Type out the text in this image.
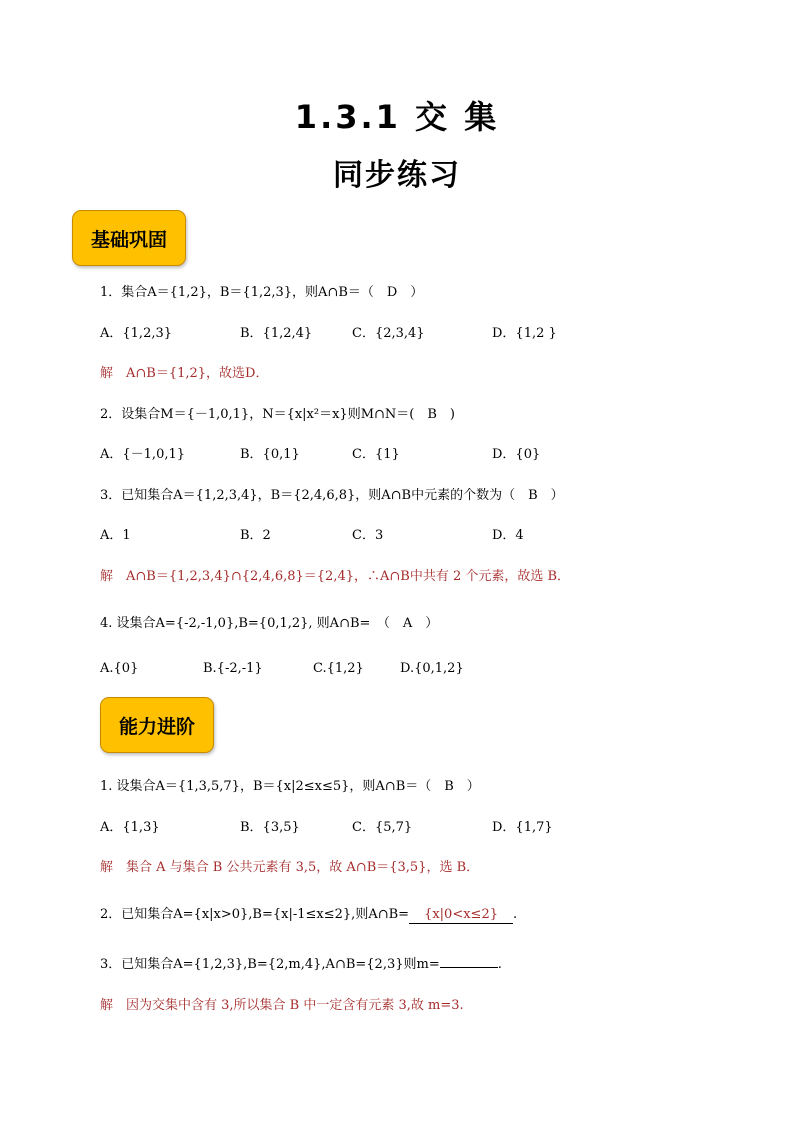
1.3.1 交 集
同步练习
基础巩固
1．集合A＝{1,2}，B＝{1,2,3}，则A∩B＝（　D　）
A．{1,2,3}	B．{1,2,4}	C．{2,3,4}	D．{1,2 }
解　A∩B＝{1,2}，故选D．
2．设集合M＝{－1,0,1}，N＝{x|x²＝x}则M∩N＝(　B　)
A．{－1,0,1}	B．{0,1}	C．{1}	D．{0}
3．已知集合A＝{1,2,3,4}，B＝{2,4,6,8}，则A∩B中元素的个数为（　B　）
A．1	B．2	C．3	D．4
解　A∩B＝{1,2,3,4}∩{2,4,6,8}＝{2,4}，∴A∩B中共有 2 个元素，故选 B．
4. 设集合A={-2,-1,0},B={0,1,2}, 则A∩B=　（　A　）
A.{0}	B.{-2,-1}	C.{1,2}	D.{0,1,2}
能力进阶
1. 设集合A＝{1,3,5,7}，B＝{x|2≤x≤5}，则A∩B＝（　B　）
A．{1,3}	B．{3,5}	C．{5,7}	D．{1,7}
解　集合 A 与集合 B 公共元素有 3,5，故 A∩B＝{3,5}，选 B．
2．已知集合A={x|x>0},B={x|-1≤x≤2},则A∩B= {x|0<x≤2} .
3．已知集合A={1,2,3},B={2,m,4},A∩B={2,3}则m=	.
解　因为交集中含有 3,所以集合 B 中一定含有元素 3,故 m=3.
